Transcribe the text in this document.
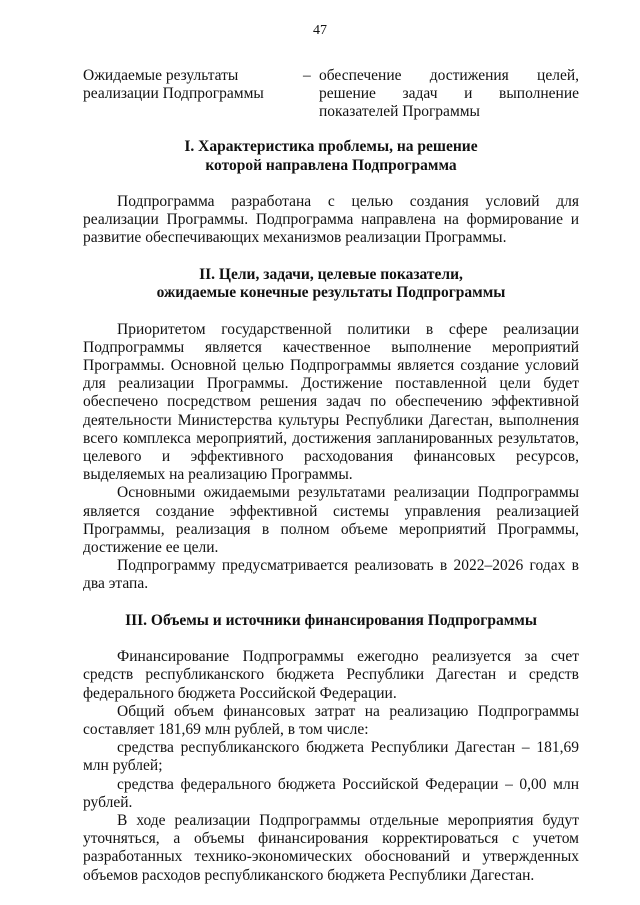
47
Ожидаемые результаты реализации Подпрограммы
– обеспечение достижения целей, решение задач и выполнение показателей Программы
I. Характеристика проблемы, на решение
которой направлена Подпрограмма

Подпрограмма разработана с целью создания условий для реализации Программы. Подпрограмма направлена на формирование и развитие обеспечивающих механизмов реализации Программы.

II. Цели, задачи, целевые показатели,
ожидаемые конечные результаты Подпрограммы

Приоритетом государственной политики в сфере реализации Подпрограммы является качественное выполнение мероприятий Программы. Основной целью Подпрограммы является создание условий для реализации Программы. Достижение поставленной цели будет обеспечено посредством решения задач по обеспечению эффективной деятельности Министерства культуры Республики Дагестан, выполнения всего комплекса мероприятий, достижения запланированных результатов, целевого и эффективного расходования финансовых ресурсов, выделяемых на реализацию Программы.

Основными ожидаемыми результатами реализации Подпрограммы является создание эффективной системы управления реализацией Программы, реализация в полном объеме мероприятий Программы, достижение ее цели.

Подпрограмму предусматривается реализовать в 2022–2026 годах в два этапа.

III. Объемы и источники финансирования Подпрограммы

Финансирование Подпрограммы ежегодно реализуется за счет средств республиканского бюджета Республики Дагестан и средств федерального бюджета Российской Федерации.

Общий объем финансовых затрат на реализацию Подпрограммы составляет 181,69 млн рублей, в том числе:

средства республиканского бюджета Республики Дагестан – 181,69 млн рублей;

средства федерального бюджета Российской Федерации – 0,00 млн рублей.

В ходе реализации Подпрограммы отдельные мероприятия будут уточняться, а объемы финансирования корректироваться с учетом разработанных технико-экономических обоснований и утвержденных объемов расходов республиканского бюджета Республики Дагестан.
